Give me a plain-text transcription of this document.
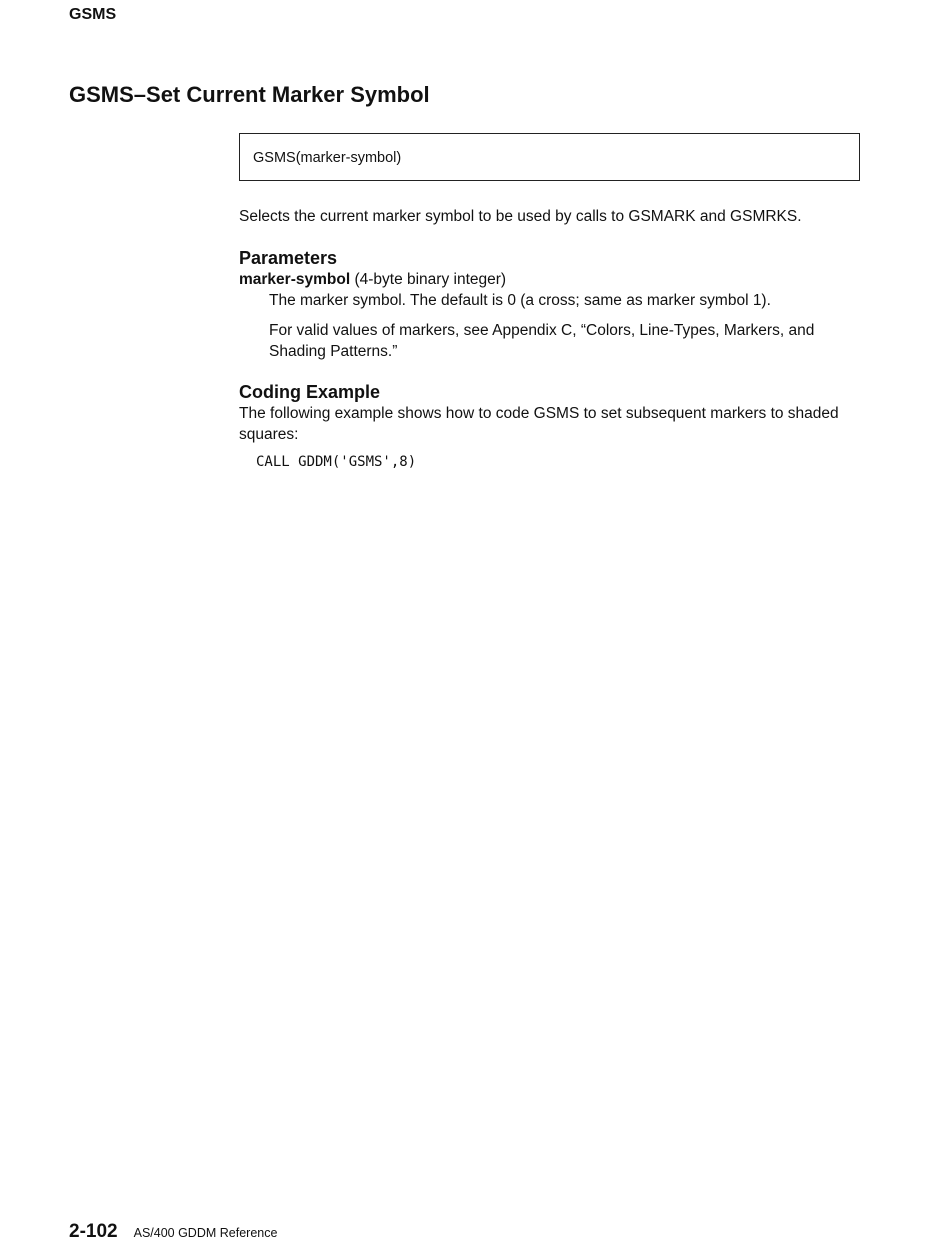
GSMS
GSMS–Set Current Marker Symbol
GSMS(marker-symbol)

Selects the current marker symbol to be used by calls to GSMARK and GSMRKS.

Parameters

marker-symbol (4-byte binary integer)

The marker symbol. The default is 0 (a cross; same as marker symbol 1).

For valid values of markers, see Appendix C, “Colors, Line-Types, Markers, and Shading Patterns.”

Coding Example

The following example shows how to code GSMS to set subsequent markers to shaded squares:

CALL GDDM('GSMS',8)
2-102 AS/400 GDDM Reference
